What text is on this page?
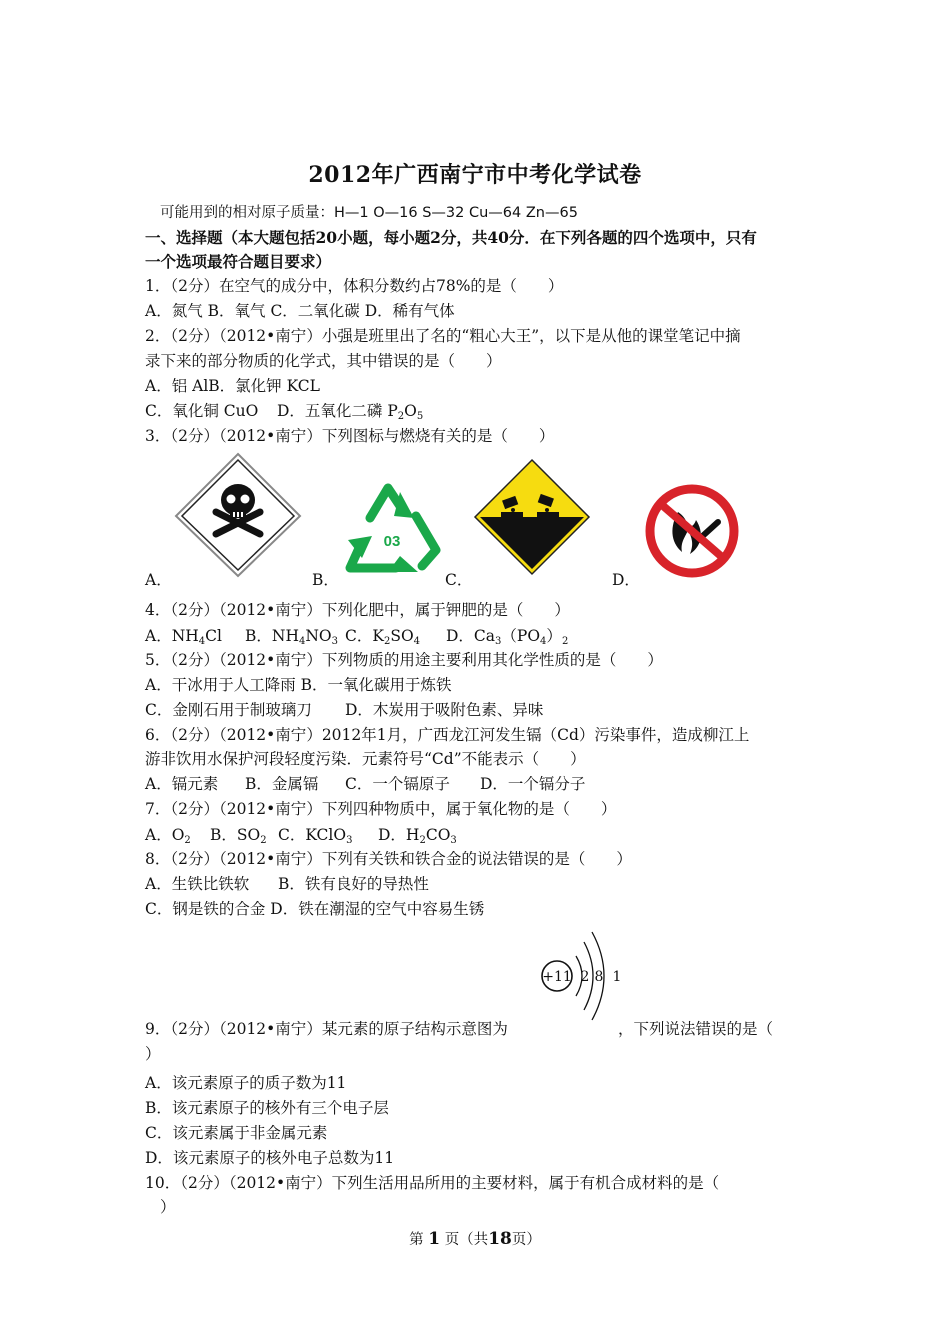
2012年广西南宁市中考化学试卷
可能用到的相对原子质量：H—1 O—16 S—32 Cu—64 Zn—65
一、选择题（本大题包括20小题，每小题2分，共40分．在下列各题的四个选项中，只有
一个选项最符合题目要求）
1．（2分）在空气的成分中，体积分数约占78%的是（　　）
A．氮气 B．氧气 C．二氧化碳 D．稀有气体
2．（2分）（2012•南宁）小强是班里出了名的“粗心大王”，以下是从他的课堂笔记中摘
录下来的部分物质的化学式，其中错误的是（　　）
A．铝 AlB．氯化钾 KCL
C．氧化铜 CuO D．五氧化二磷 $P_2O_5$
3．（2分）（2012•南宁）下列图标与燃烧有关的是（　　）
03
A．	B．	C．	D．
4．（2分）（2012•南宁）下列化肥中，属于钾肥的是（　　）
A．$NH_4Cl$ B．$NH_4NO_3$ C．$K_2SO_4$ D．$Ca_3(PO_4)_2$
5．（2分）（2012•南宁）下列物质的用途主要利用其化学性质的是（　　）
A．干冰用于人工降雨 B．一氧化碳用于炼铁
C．金刚石用于制玻璃刀 D．木炭用于吸附色素、异味
6．（2分）（2012•南宁）2012年1月，广西龙江河发生镉（Cd）污染事件，造成柳江上
游非饮用水保护河段轻度污染．元素符号“Cd”不能表示（　　）
A．镉元素 B．金属镉 C．一个镉原子 D．一个镉分子
7．（2分）（2012•南宁）下列四种物质中，属于氧化物的是（　　）
A．$O_2$ B．$SO_2$ C．KClO$_3$ D．$H_2CO_3$
8．（2分）（2012•南宁）下列有关铁和铁合金的说法错误的是（　　）
A．生铁比铁软 B．铁有良好的导热性
C．钢是铁的合金 D．铁在潮湿的空气中容易生锈
+11 2 8 1
9．（2分）（2012•南宁）某元素的原子结构示意图为	，下列说法错误的是（
）
A．该元素原子的质子数为11
B．该元素原子的核外有三个电子层
C．该元素属于非金属元素
D．该元素原子的核外电子总数为11
10．（2分）（2012•南宁）下列生活用品所用的主要材料，属于有机合成材料的是（
）
第 1 页（共18页）
